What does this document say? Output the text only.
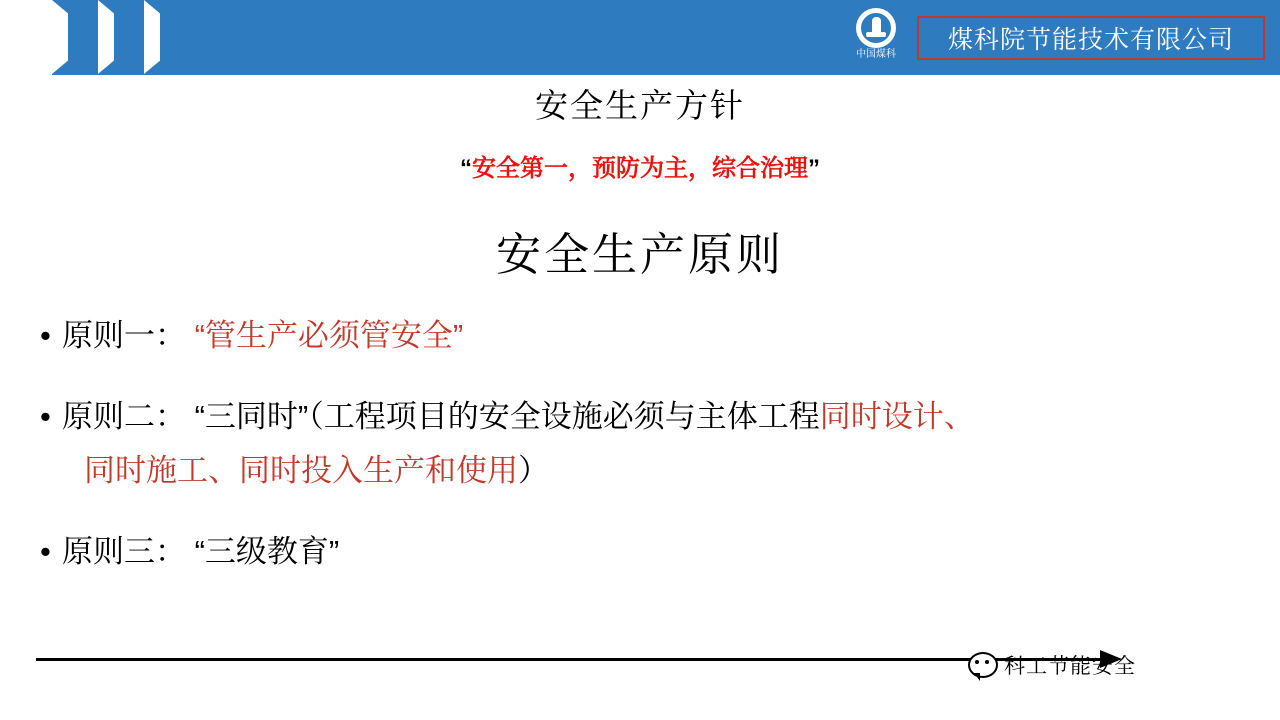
中国煤科
煤科院节能技术有限公司
安全生产方针
“安全第一，预防为主，综合治理”
安全生产原则
• 原则一： “管生产必须管安全”
• 原则二： “三同时”（工程项目的安全设施必须与主体工程同时设计、
同时施工、同时投入生产和使用）
• 原则三： “三级教育”
科工节能安全
